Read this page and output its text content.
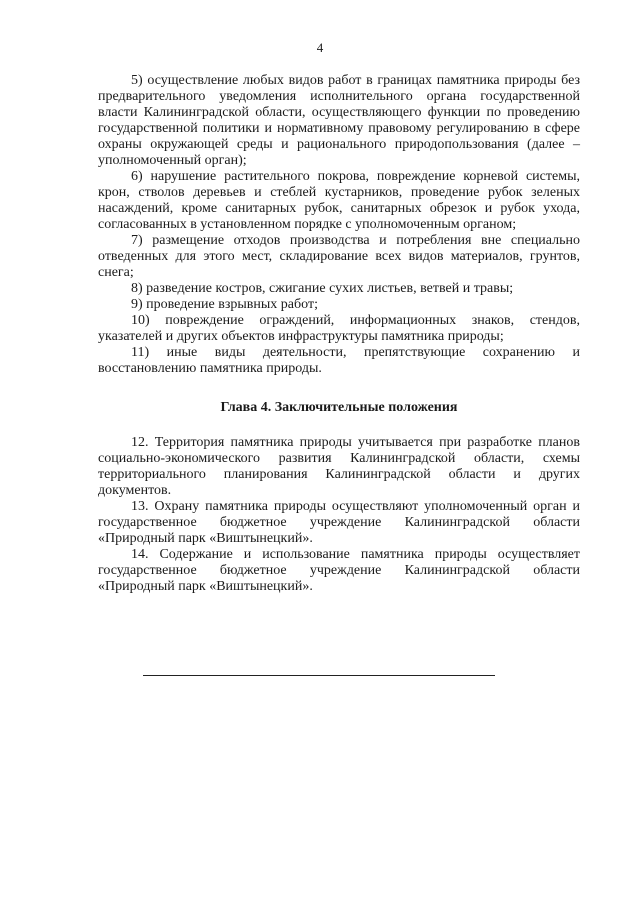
4

5) осуществление любых видов работ в границах памятника природы без предварительного уведомления исполнительного органа государственной власти Калининградской области, осуществляющего функции по проведению государственной политики и нормативному правовому регулированию в сфере охраны окружающей среды и рационального природопользования (далее – уполномоченный орган);

6) нарушение растительного покрова, повреждение корневой системы, крон, стволов деревьев и стеблей кустарников, проведение рубок зеленых насаждений, кроме санитарных рубок, санитарных обрезок и рубок ухода, согласованных в установленном порядке с уполномоченным органом;

7) размещение отходов производства и потребления вне специально отведенных для этого мест, складирование всех видов материалов, грунтов, снега;

8) разведение костров, сжигание сухих листьев, ветвей и травы;

9) проведение взрывных работ;

10) повреждение ограждений, информационных знаков, стендов, указателей и других объектов инфраструктуры памятника природы;

11) иные виды деятельности, препятствующие сохранению и восстановлению памятника природы.

Глава 4. Заключительные положения

12. Территория памятника природы учитывается при разработке планов социально-экономического развития Калининградской области, схемы территориального планирования Калининградской области и других документов.

13. Охрану памятника природы осуществляют уполномоченный орган и государственное бюджетное учреждение Калининградской области «Природный парк «Виштынецкий».

14. Содержание и использование памятника природы осуществляет государственное бюджетное учреждение Калининградской области «Природный парк «Виштынецкий».
